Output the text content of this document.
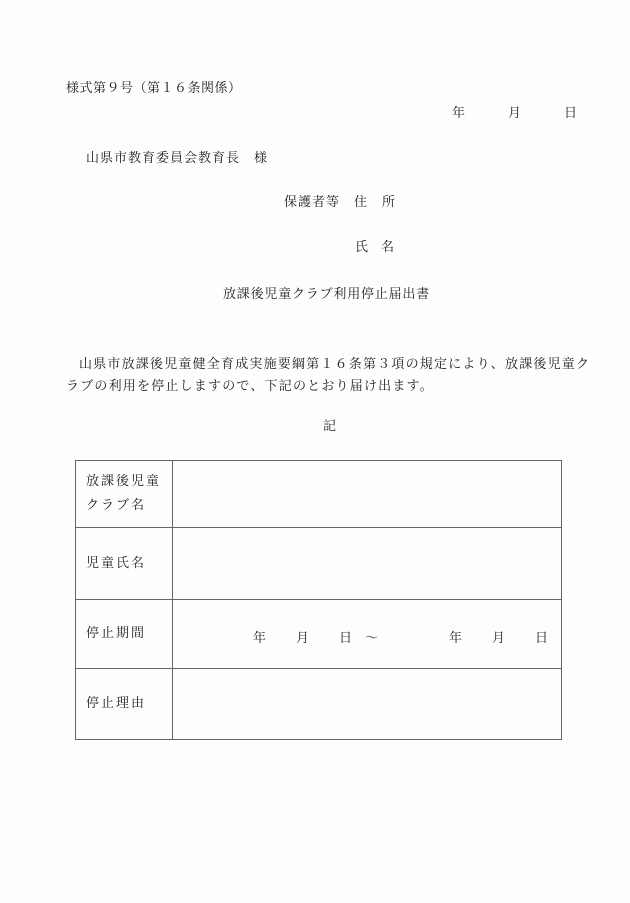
様式第９号（第１６条関係）
年	月	日
山県市教育委員会教育長　様
保護者等 住　所
氏　名
放課後児童クラブ利用停止届出書
山県市放課後児童健全育成実施要綱第１６条第３項の規定により、放課後児童クラブの利用を停止しますので、下記のとおり届け出ます。
記
放課後児童
クラブ名	

児童氏名	
停止期間	年 月 日 ～	年 月 日

停止理由	
